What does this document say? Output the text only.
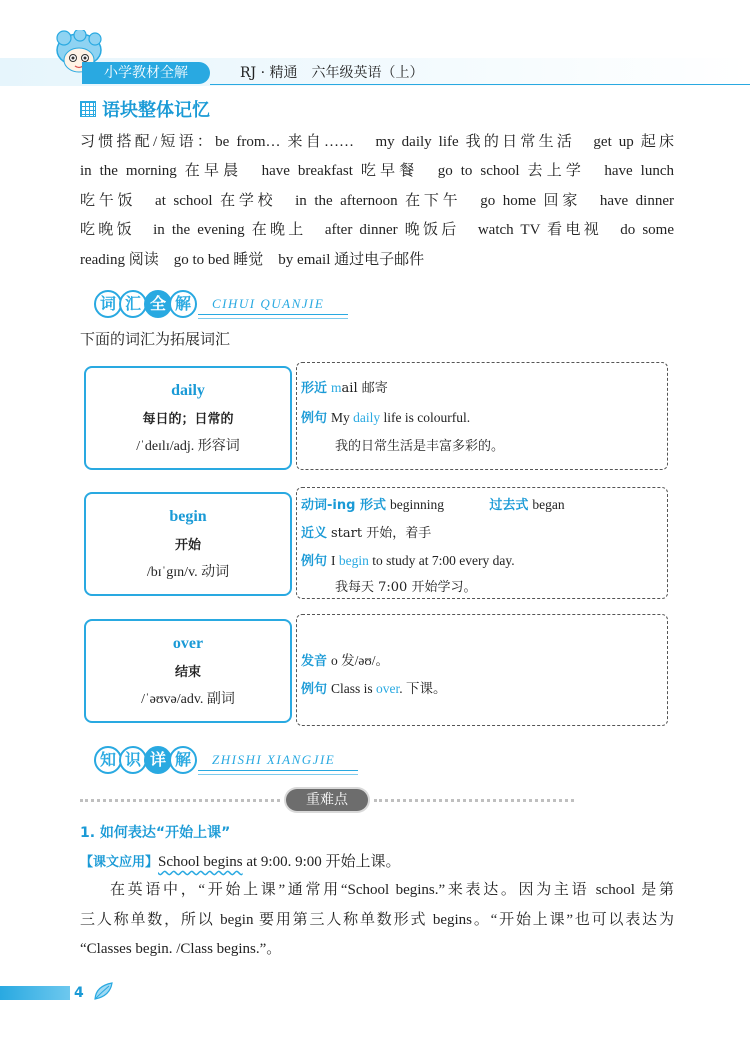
小学教材全解	RJ · 精通　六年级英语（上）
语块整体记忆
习惯搭配/短语：be from… 来自……　my daily life 我的日常生活　get up 起床
in the morning 在早晨　have breakfast 吃早餐　go to school 去上学　have lunch
吃午饭　at school 在学校　in the afternoon 在下午　go home 回家　have dinner
吃晚饭　in the evening 在晚上　after dinner 晚饭后　watch TV 看电视　do some
reading 阅读　go to bed 睡觉　by email 通过电子邮件
词 汇 全 解	CIHUI QUANJIE
下面的词汇为拓展词汇
daily
每日的；日常的
/ˈdeɪlɪ/adj. 形容词
形近 mail 邮寄
例句 My daily life is colourful.
我的日常生活是丰富多彩的。
begin
开始
/bɪˈgɪn/v. 动词
动词-ing 形式 beginning	过去式 began
近义 start 开始，着手
例句 I begin to study at 7:00 every day.
我每天 7:00 开始学习。
over
结束
/ˈəʊvə/adv. 副词
发音 o 发/əʊ/。
例句 Class is over. 下课。
知 识 详 解	ZHISHI XIANGJIE
重难点
1. 如何表达“开始上课”
【课文应用】School begins at 9:00. 9:00 开始上课。
在英语中，“开始上课”通常用“School begins.”来表达。因为主语 school 是第
三人称单数，所以 begin 要用第三人称单数形式 begins。“开始上课”也可以表达为
“Classes begin. /Class begins.”。
4
